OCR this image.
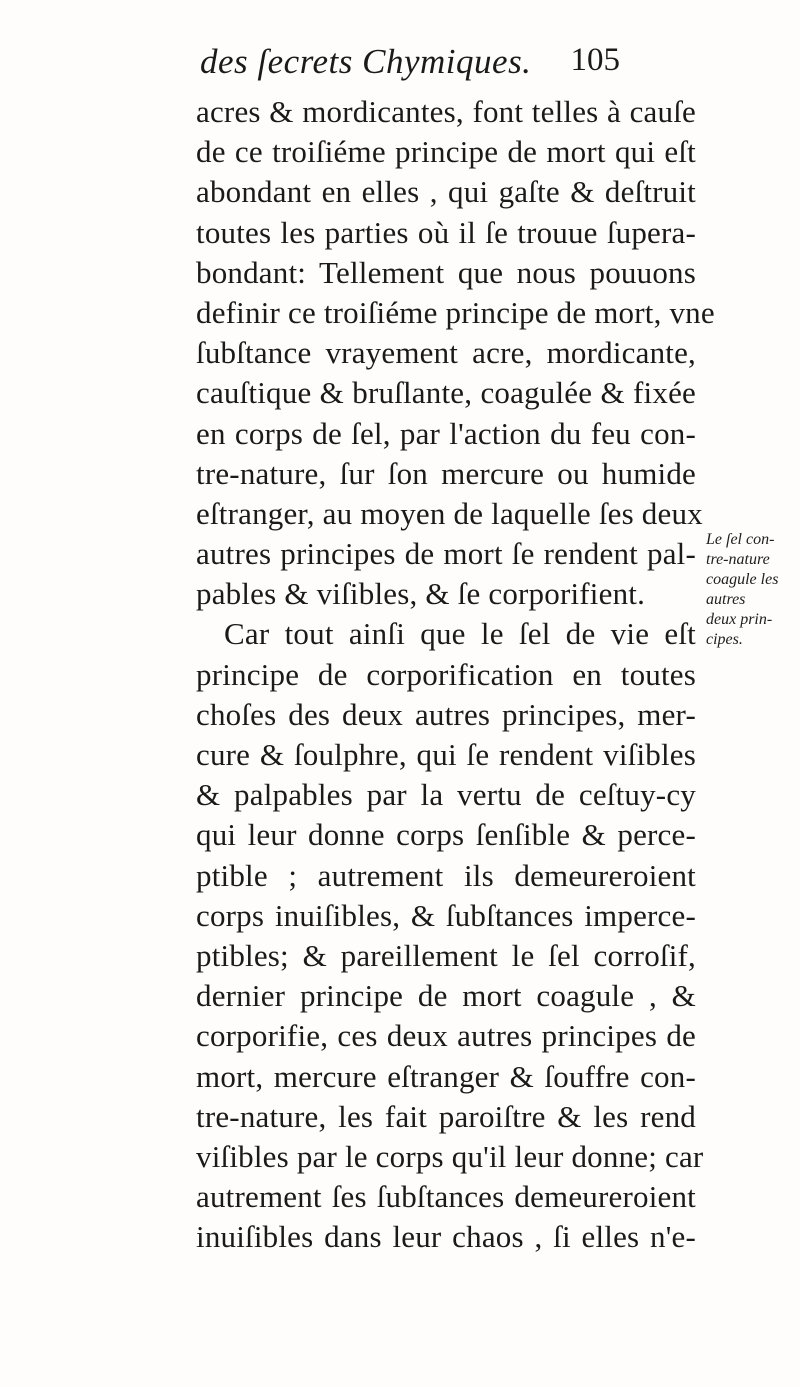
des ſecrets Chymiques. 105
acres & mordicantes, font telles à cauſe
de ce troiſiéme principe de mort qui eſt
abondant en elles , qui gaſte & deſtruit
toutes les parties où il ſe trouue ſupera-
bondant: Tellement que nous pouuons
definir ce troiſiéme principe de mort, vne
ſubſtance vrayement acre, mordicante,
cauſtique & bruſlante, coagulée & fixée
en corps de ſel, par l'action du feu con-
tre-nature, ſur ſon mercure ou humide
eſtranger, au moyen de laquelle ſes deux
autres principes de mort ſe rendent pal-
pables & viſibles, & ſe corporifient.
Car tout ainſi que le ſel de vie eſt
principe de corporification en toutes
choſes des deux autres principes, mer-
cure & ſoulphre, qui ſe rendent viſibles
& palpables par la vertu de ceſtuy-cy
qui leur donne corps ſenſible & perce-
ptible ; autrement ils demeureroient
corps inuiſibles, & ſubſtances imperce-
ptibles; & pareillement le ſel corroſif,
dernier principe de mort coagule , &
corporifie, ces deux autres principes de
mort, mercure eſtranger & ſouffre con-
tre-nature, les fait paroiſtre & les rend
viſibles par le corps qu'il leur donne; car
autrement ſes ſubſtances demeureroient
inuiſibles dans leur chaos , ſi elles n'e-
Le ſel con-
tre-nature
coagule les
autres
deux prin-
cipes.
